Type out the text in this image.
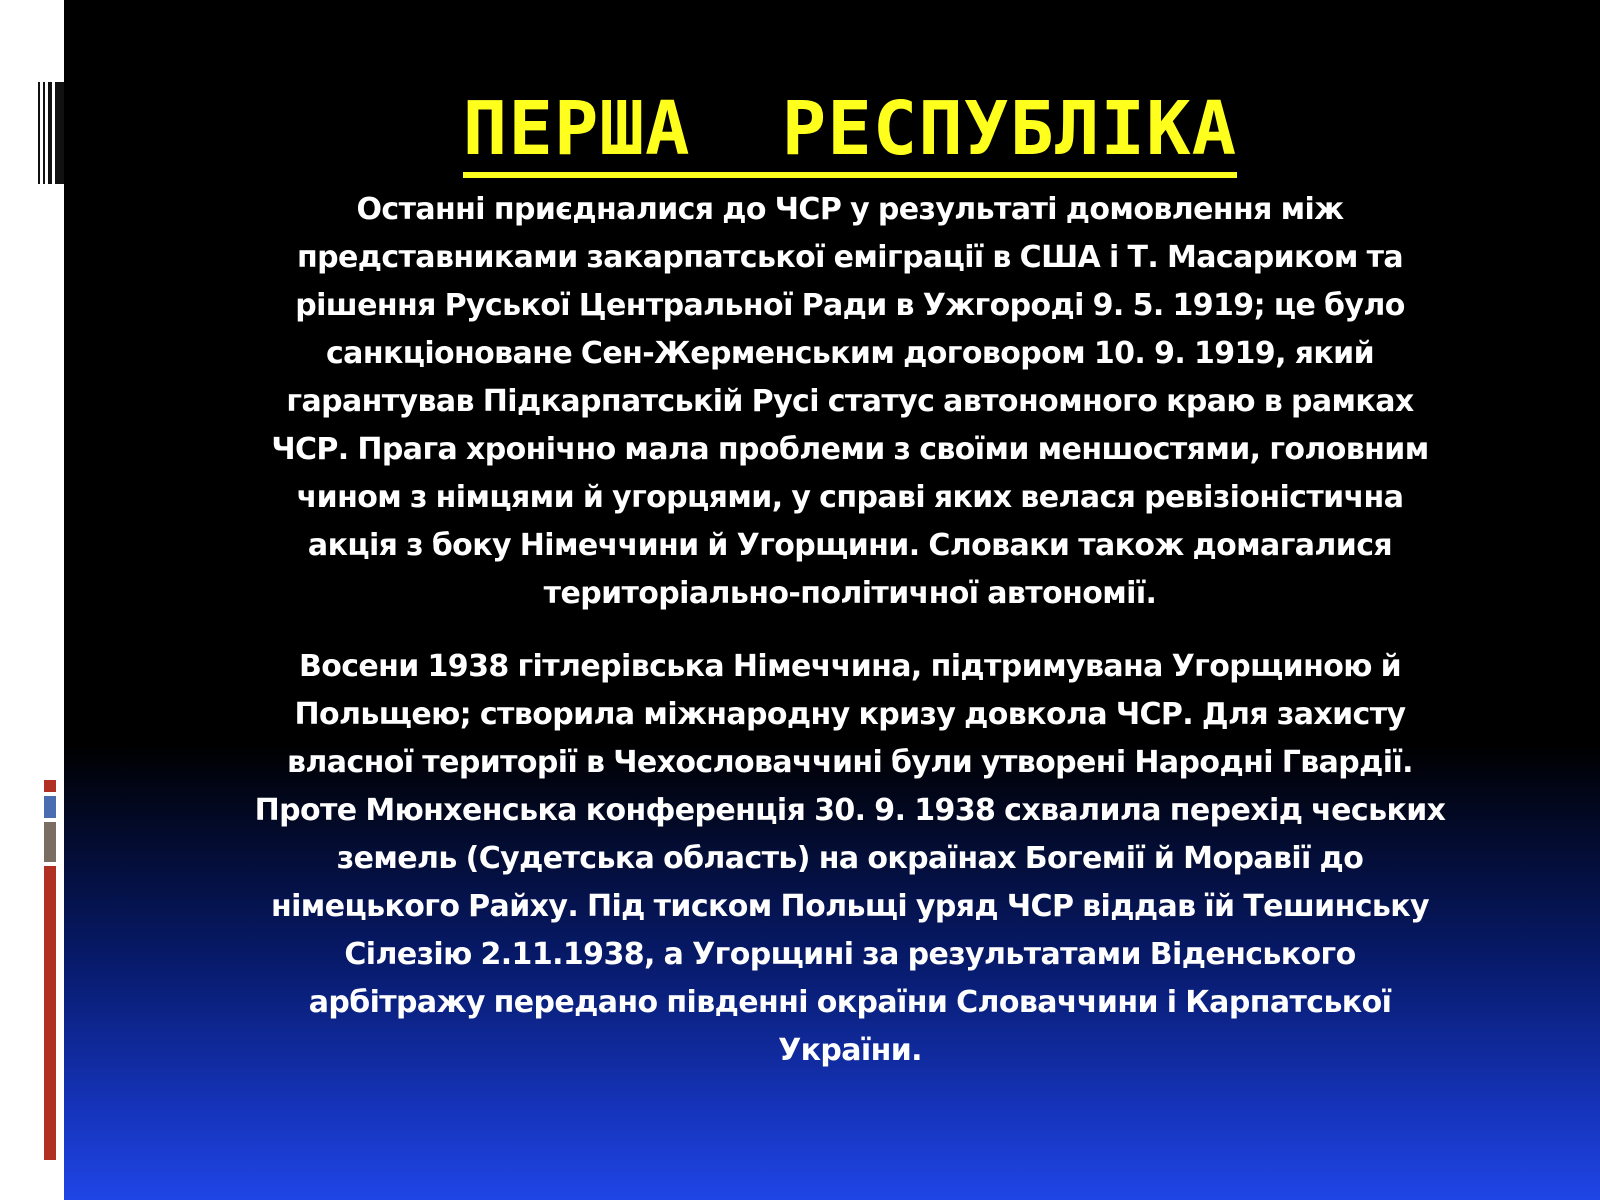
ПЕРША  РЕСПУБЛІКА
Останні приєдналися до ЧСР у результаті домовлення між
представниками закарпатської еміграції в США і Т. Масариком та
рішення Руської Центральної Ради в Ужгороді 9. 5. 1919; це було
санкціоноване Сен-Жерменським договором 10. 9. 1919, який
гарантував Підкарпатській Русі статус автономного краю в рамках
ЧСР. Прага хронічно мала проблеми з своїми меншостями, головним
чином з німцями й угорцями, у справі яких велася ревізіоністична
акція з боку Німеччини й Угорщини. Словаки також домагалися
територіально-політичної автономії.
Восени 1938 гітлерівська Німеччина, підтримувана Угорщиною й
Польщею; створила міжнародну кризу довкола ЧСР. Для захисту
власної території в Чехословаччині були утворені Народні Гвардії.
Проте Мюнхенська конференція 30. 9. 1938 схвалила перехід чеських
земель (Судетська область) на окраїнах Богемії й Моравії до
німецького Райху. Під тиском Польщі уряд ЧСР віддав їй Тешинську
Сілезію 2.11.1938, а Угорщині за результатами Віденського
арбітражу передано південні окраїни Словаччини і Карпатської
України.
